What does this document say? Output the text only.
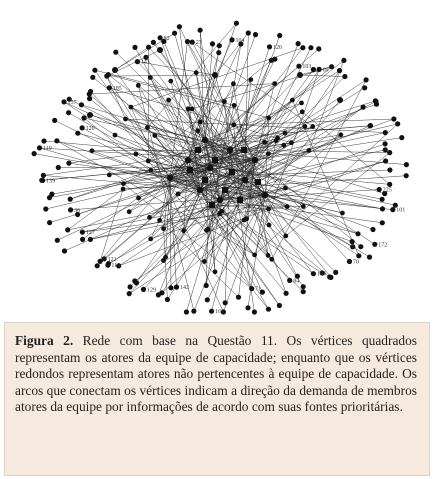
225
101
172
70
164
84
71
161
142
129
110
121
127
36
139
119
120
157
185
141
82
27	104
126
103
69
Figura 2. Rede com base na Questão 11. Os vértices quadrados representam os atores da equipe de capacidade; enquanto que os vértices redondos representam atores não pertencentes à equipe de capacidade. Os arcos que conectam os vértices indicam a direção da demanda de membros atores da equipe por informações de acordo com suas fontes prioritárias.
